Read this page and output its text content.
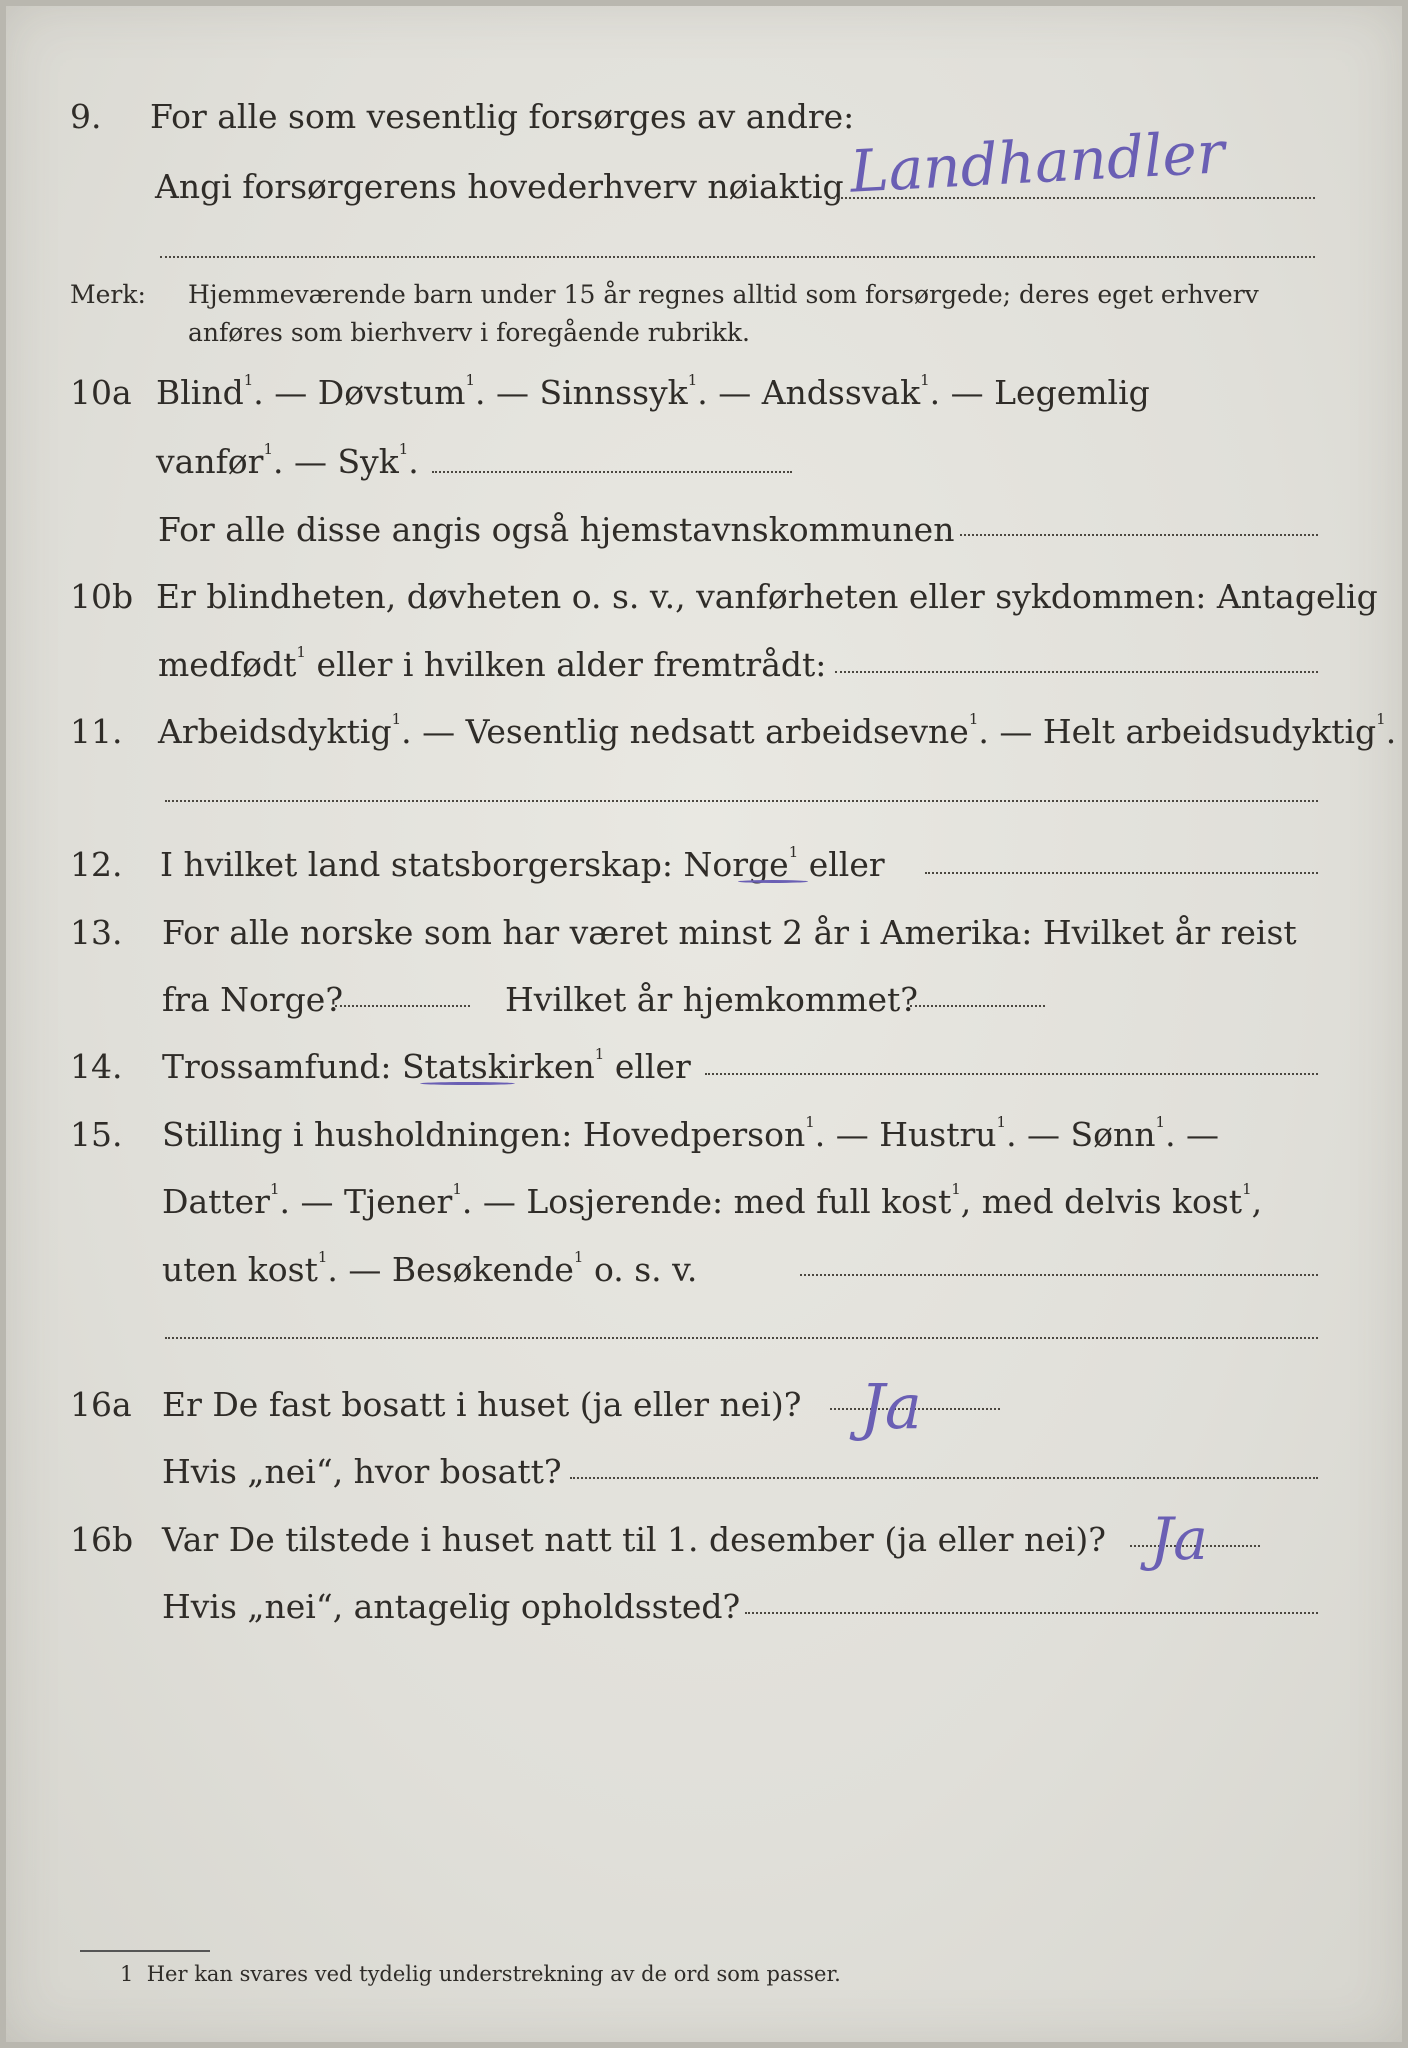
9. For alle som vesentlig forsørges av andre:
Angi forsørgerens hovederhverv nøiaktig Landhandler
Merk: Hjemmeværende barn under 15 år regnes alltid som forsørgede; deres eget erhverv
anføres som bierhverv i foregående rubrikk.
10a Blind$^1$. — Døvstum$^1$. — Sinnssyk$^1$. — Andssvak$^1$. — Legemlig
vanfør$^1$. — Syk$^1$.
For alle disse angis også hjemstavnskommunen
10b Er blindheten, døvheten o. s. v., vanførheten eller sykdommen: Antagelig
medfødt$^1$ eller i hvilken alder fremtrådt:
11. Arbeidsdyktig$^1$. — Vesentlig nedsatt arbeidsevne$^1$. — Helt arbeidsudyktig$^1$.
12. I hvilket land statsborgerskap: Norge$^1$ eller
13. For alle norske som har været minst 2 år i Amerika: Hvilket år reist
fra Norge?	Hvilket år hjemkommet?
14. Trossamfund: Statskirken$^1$ eller
15. Stilling i husholdningen: Hovedperson$^1$. — Hustru$^1$. — Sønn$^1$. —
Datter$^1$. — Tjener$^1$. — Losjerende: med full kost$^1$, med delvis kost$^1$,
uten kost$^1$. — Besøkende$^1$ o. s. v.
16a Er De fast bosatt i huset (ja eller nei)? Ja
Hvis „nei“, hvor bosatt?
16b Var De tilstede i huset natt til 1. desember (ja eller nei)? Ja
Hvis „nei“, antagelig opholdssted?
1 Her kan svares ved tydelig understrekning av de ord som passer.
